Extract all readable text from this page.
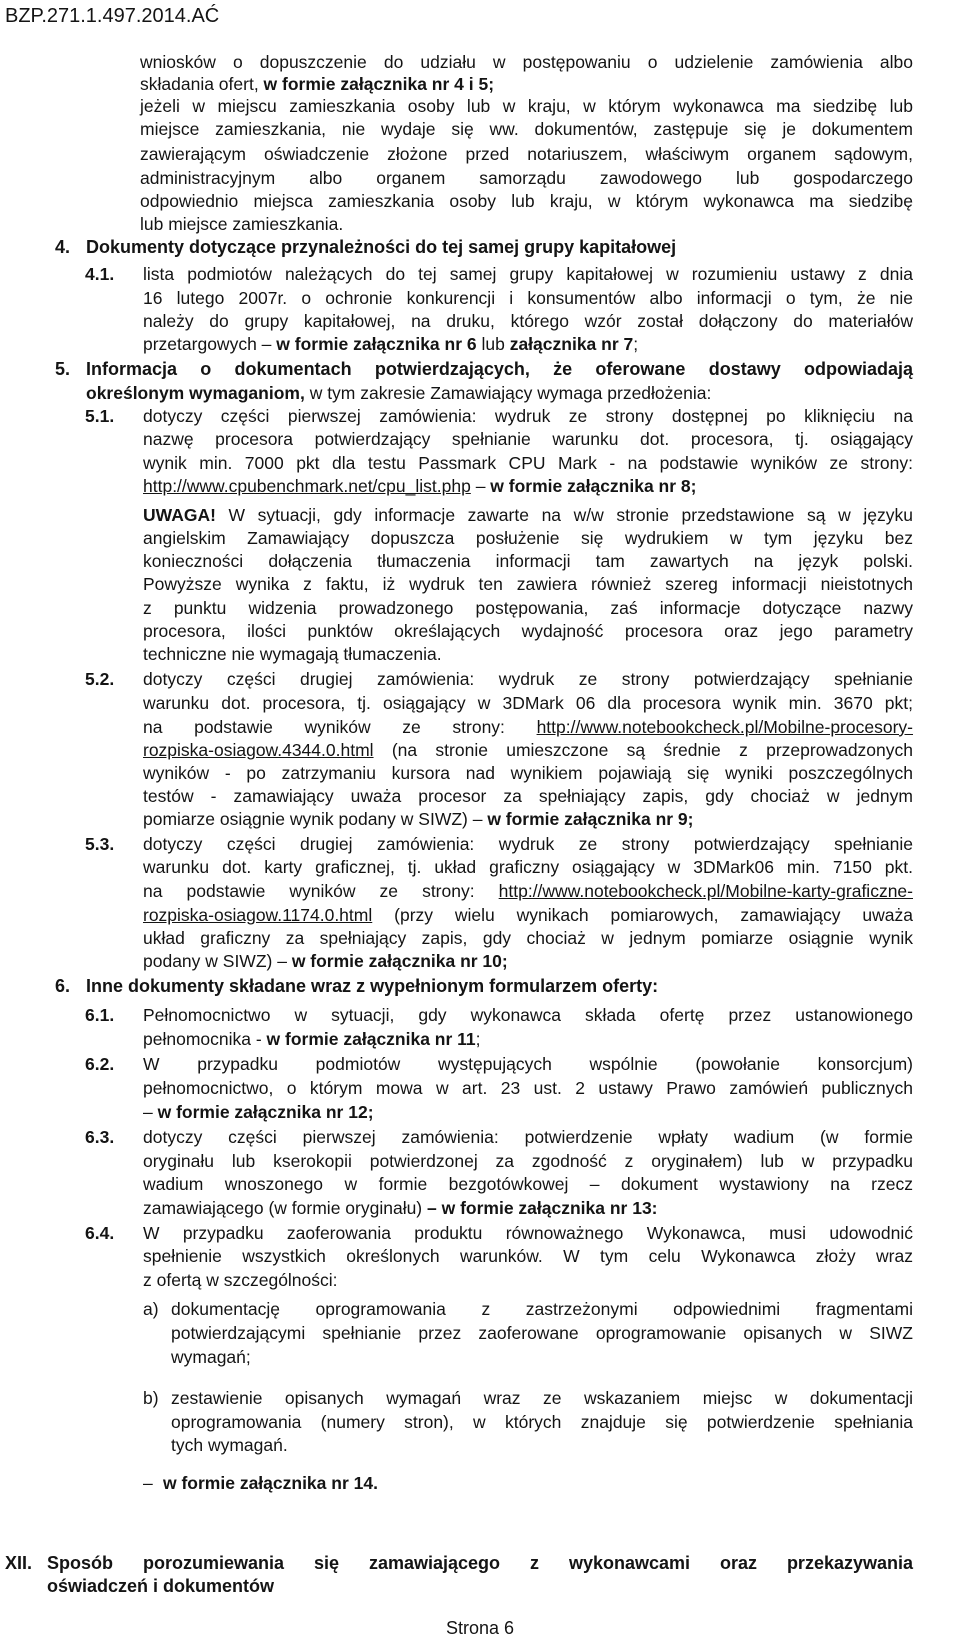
BZP.271.1.497.2014.AĆ

wniosków o dopuszczenie do udziału w postępowaniu o udzielenie zamówienia albo

składania ofert, w formie załącznika nr 4 i 5;

jeżeli w miejscu zamieszkania osoby lub w kraju, w którym wykonawca ma siedzibę lub

miejsce zamieszkania, nie wydaje się ww. dokumentów, zastępuje się je dokumentem

zawierającym oświadczenie złożone przed notariuszem, właściwym organem sądowym,

administracyjnym albo organem samorządu zawodowego lub gospodarczego

odpowiednio miejsca zamieszkania osoby lub kraju, w którym wykonawca ma siedzibę

lub miejsce zamieszkania.

4. Dokumenty dotyczące przynależności do tej samej grupy kapitałowej

4.1. lista podmiotów należących do tej samej grupy kapitałowej w rozumieniu ustawy z dnia

16 lutego 2007r. o ochronie konkurencji i konsumentów albo informacji o tym, że nie

należy do grupy kapitałowej, na druku, którego wzór został dołączony do materiałów

przetargowych – w formie załącznika nr 6 lub załącznika nr 7;

5. Informacja o dokumentach potwierdzających, że oferowane dostawy odpowiadają

określonym wymaganiom, w tym zakresie Zamawiający wymaga przedłożenia:

5.1. dotyczy części pierwszej zamówienia: wydruk ze strony dostępnej po kliknięciu na

nazwę procesora potwierdzający spełnianie warunku dot. procesora, tj. osiągający

wynik min. 7000 pkt dla testu Passmark CPU Mark - na podstawie wyników ze strony:

http://www.cpubenchmark.net/cpu_list.php – w formie załącznika nr 8;

UWAGA! W sytuacji, gdy informacje zawarte na w/w stronie przedstawione są w języku

angielskim Zamawiający dopuszcza posłużenie się wydrukiem w tym języku bez

konieczności dołączenia tłumaczenia informacji tam zawartych na język polski.

Powyższe wynika z faktu, iż wydruk ten zawiera również szereg informacji nieistotnych

z punktu widzenia prowadzonego postępowania, zaś informacje dotyczące nazwy

procesora, ilości punktów określających wydajność procesora oraz jego parametry

techniczne nie wymagają tłumaczenia.

5.2. dotyczy części drugiej zamówienia: wydruk ze strony potwierdzający spełnianie

warunku dot. procesora, tj. osiągający w 3DMark 06 dla procesora wynik min. 3670 pkt;

na podstawie wyników ze strony: http://www.notebookcheck.pl/Mobilne-procesory-

rozpiska-osiagow.4344.0.html (na stronie umieszczone są średnie z przeprowadzonych

wyników - po zatrzymaniu kursora nad wynikiem pojawiają się wyniki poszczególnych

testów - zamawiający uważa procesor za spełniający zapis, gdy chociaż w jednym

pomiarze osiągnie wynik podany w SIWZ) – w formie załącznika nr 9;

5.3. dotyczy części drugiej zamówienia: wydruk ze strony potwierdzający spełnianie

warunku dot. karty graficznej, tj. układ graficzny osiągający w 3DMark06 min. 7150 pkt.

na podstawie wyników ze strony: http://www.notebookcheck.pl/Mobilne-karty-graficzne-

rozpiska-osiagow.1174.0.html (przy wielu wynikach pomiarowych, zamawiający uważa

układ graficzny za spełniający zapis, gdy chociaż w jednym pomiarze osiągnie wynik

podany w SIWZ) – w formie załącznika nr 10;

6. Inne dokumenty składane wraz z wypełnionym formularzem oferty:

6.1. Pełnomocnictwo w sytuacji, gdy wykonawca składa ofertę przez ustanowionego

pełnomocnika - w formie załącznika nr 11;

6.2. W przypadku podmiotów występujących wspólnie (powołanie konsorcjum)

pełnomocnictwo, o którym mowa w art. 23 ust. 2 ustawy Prawo zamówień publicznych

– w formie załącznika nr 12;

6.3. dotyczy części pierwszej zamówienia: potwierdzenie wpłaty wadium (w formie

oryginału lub kserokopii potwierdzonej za zgodność z oryginałem) lub w przypadku

wadium wnoszonego w formie bezgotówkowej – dokument wystawiony na rzecz

zamawiającego (w formie oryginału) – w formie załącznika nr 13:

6.4. W przypadku zaoferowania produktu równoważnego Wykonawca, musi udowodnić

spełnienie wszystkich określonych warunków. W tym celu Wykonawca złoży wraz

z ofertą w szczególności:

a) dokumentację oprogramowania z zastrzeżonymi odpowiednimi fragmentami

potwierdzającymi spełnianie przez zaoferowane oprogramowanie opisanych w SIWZ

wymagań;

b) zestawienie opisanych wymagań wraz ze wskazaniem miejsc w dokumentacji

oprogramowania (numery stron), w których znajduje się potwierdzenie spełniania

tych wymagań.

– w formie załącznika nr 14.

XII. Sposób porozumiewania się zamawiającego z wykonawcami oraz przekazywania

oświadczeń i dokumentów

Strona 6
